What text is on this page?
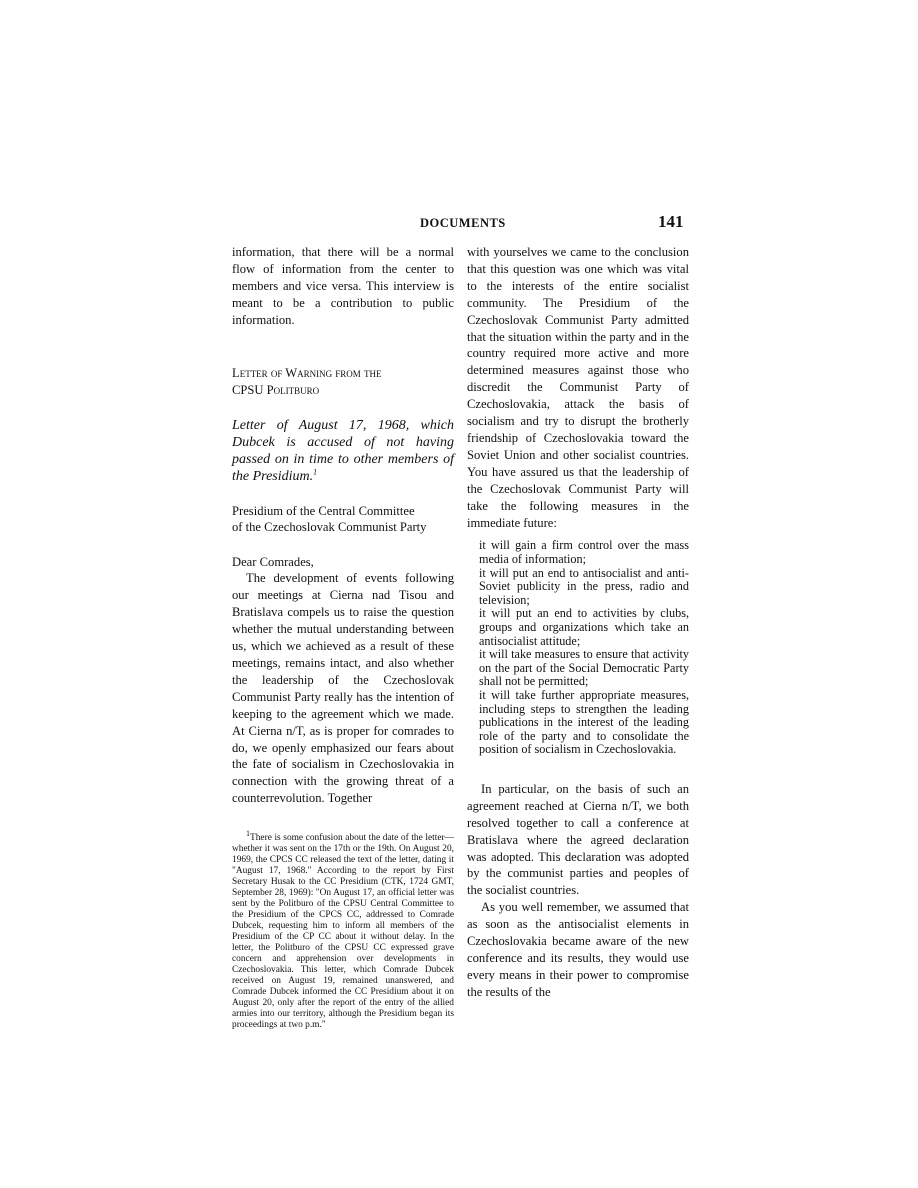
DOCUMENTS	141

information, that there will be a normal flow of information from the center to members and vice versa. This interview is meant to be a contribution to public information.

Letter of Warning from the
CPSU Politburo
Letter of August 17, 1968, which Dubcek is accused of not having passed on in time to other members of the Presidium.$^1$
Presidium of the Central Committee
of the Czechoslovak Communist Party

Dear Comrades,

The development of events following our meetings at Cierna nad Tisou and Bratislava compels us to raise the question whether the mutual understanding between us, which we achieved as a result of these meetings, remains intact, and also whether the leadership of the Czechoslovak Communist Party really has the intention of keeping to the agreement which we made. At Cierna n/T, as is proper for comrades to do, we openly emphasized our fears about the fate of socialism in Czechoslovakia in connection with the growing threat of a counterrevolution. Together

$^1$There is some confusion about the date of the letter—whether it was sent on the 17th or the 19th. On August 20, 1969, the CPCS CC released the text of the letter, dating it "August 17, 1968." According to the report by First Secretary Husak to the CC Presidium (CTK, 1724 GMT, September 28, 1969): "On August 17, an official letter was sent by the Politburo of the CPSU Central Committee to the Presidium of the CPCS CC, addressed to Comrade Dubcek, requesting him to inform all members of the Presidium of the CP CC about it without delay. In the letter, the Politburo of the CPSU CC expressed grave concern and apprehension over developments in Czechoslovakia. This letter, which Comrade Dubcek received on August 19, remained unanswered, and Comrade Dubcek informed the CC Presidium about it on August 20, only after the report of the entry of the allied armies into our territory, although the Presidium began its proceedings at two p.m."

with yourselves we came to the conclusion that this question was one which was vital to the interests of the entire socialist community. The Presidium of the Czechoslovak Communist Party admitted that the situation within the party and in the country required more active and more determined measures against those who discredit the Communist Party of Czechoslovakia, attack the basis of socialism and try to disrupt the brotherly friendship of Czechoslovakia toward the Soviet Union and other socialist countries. You have assured us that the leadership of the Czechoslovak Communist Party will take the following measures in the immediate future:

it will gain a firm control over the mass media of information;
it will put an end to antisocialist and anti-Soviet publicity in the press, radio and television;
it will put an end to activities by clubs, groups and organizations which take an antisocialist attitude;
it will take measures to ensure that activity on the part of the Social Democratic Party shall not be permitted;
it will take further appropriate measures, including steps to strengthen the leading publications in the interest of the leading role of the party and to consolidate the position of socialism in Czechoslovakia.

In particular, on the basis of such an agreement reached at Cierna n/T, we both resolved together to call a conference at Bratislava where the agreed declaration was adopted. This declaration was adopted by the communist parties and peoples of the socialist countries.

As you well remember, we assumed that as soon as the antisocialist elements in Czechoslovakia became aware of the new conference and its results, they would use every means in their power to compromise the results of the
